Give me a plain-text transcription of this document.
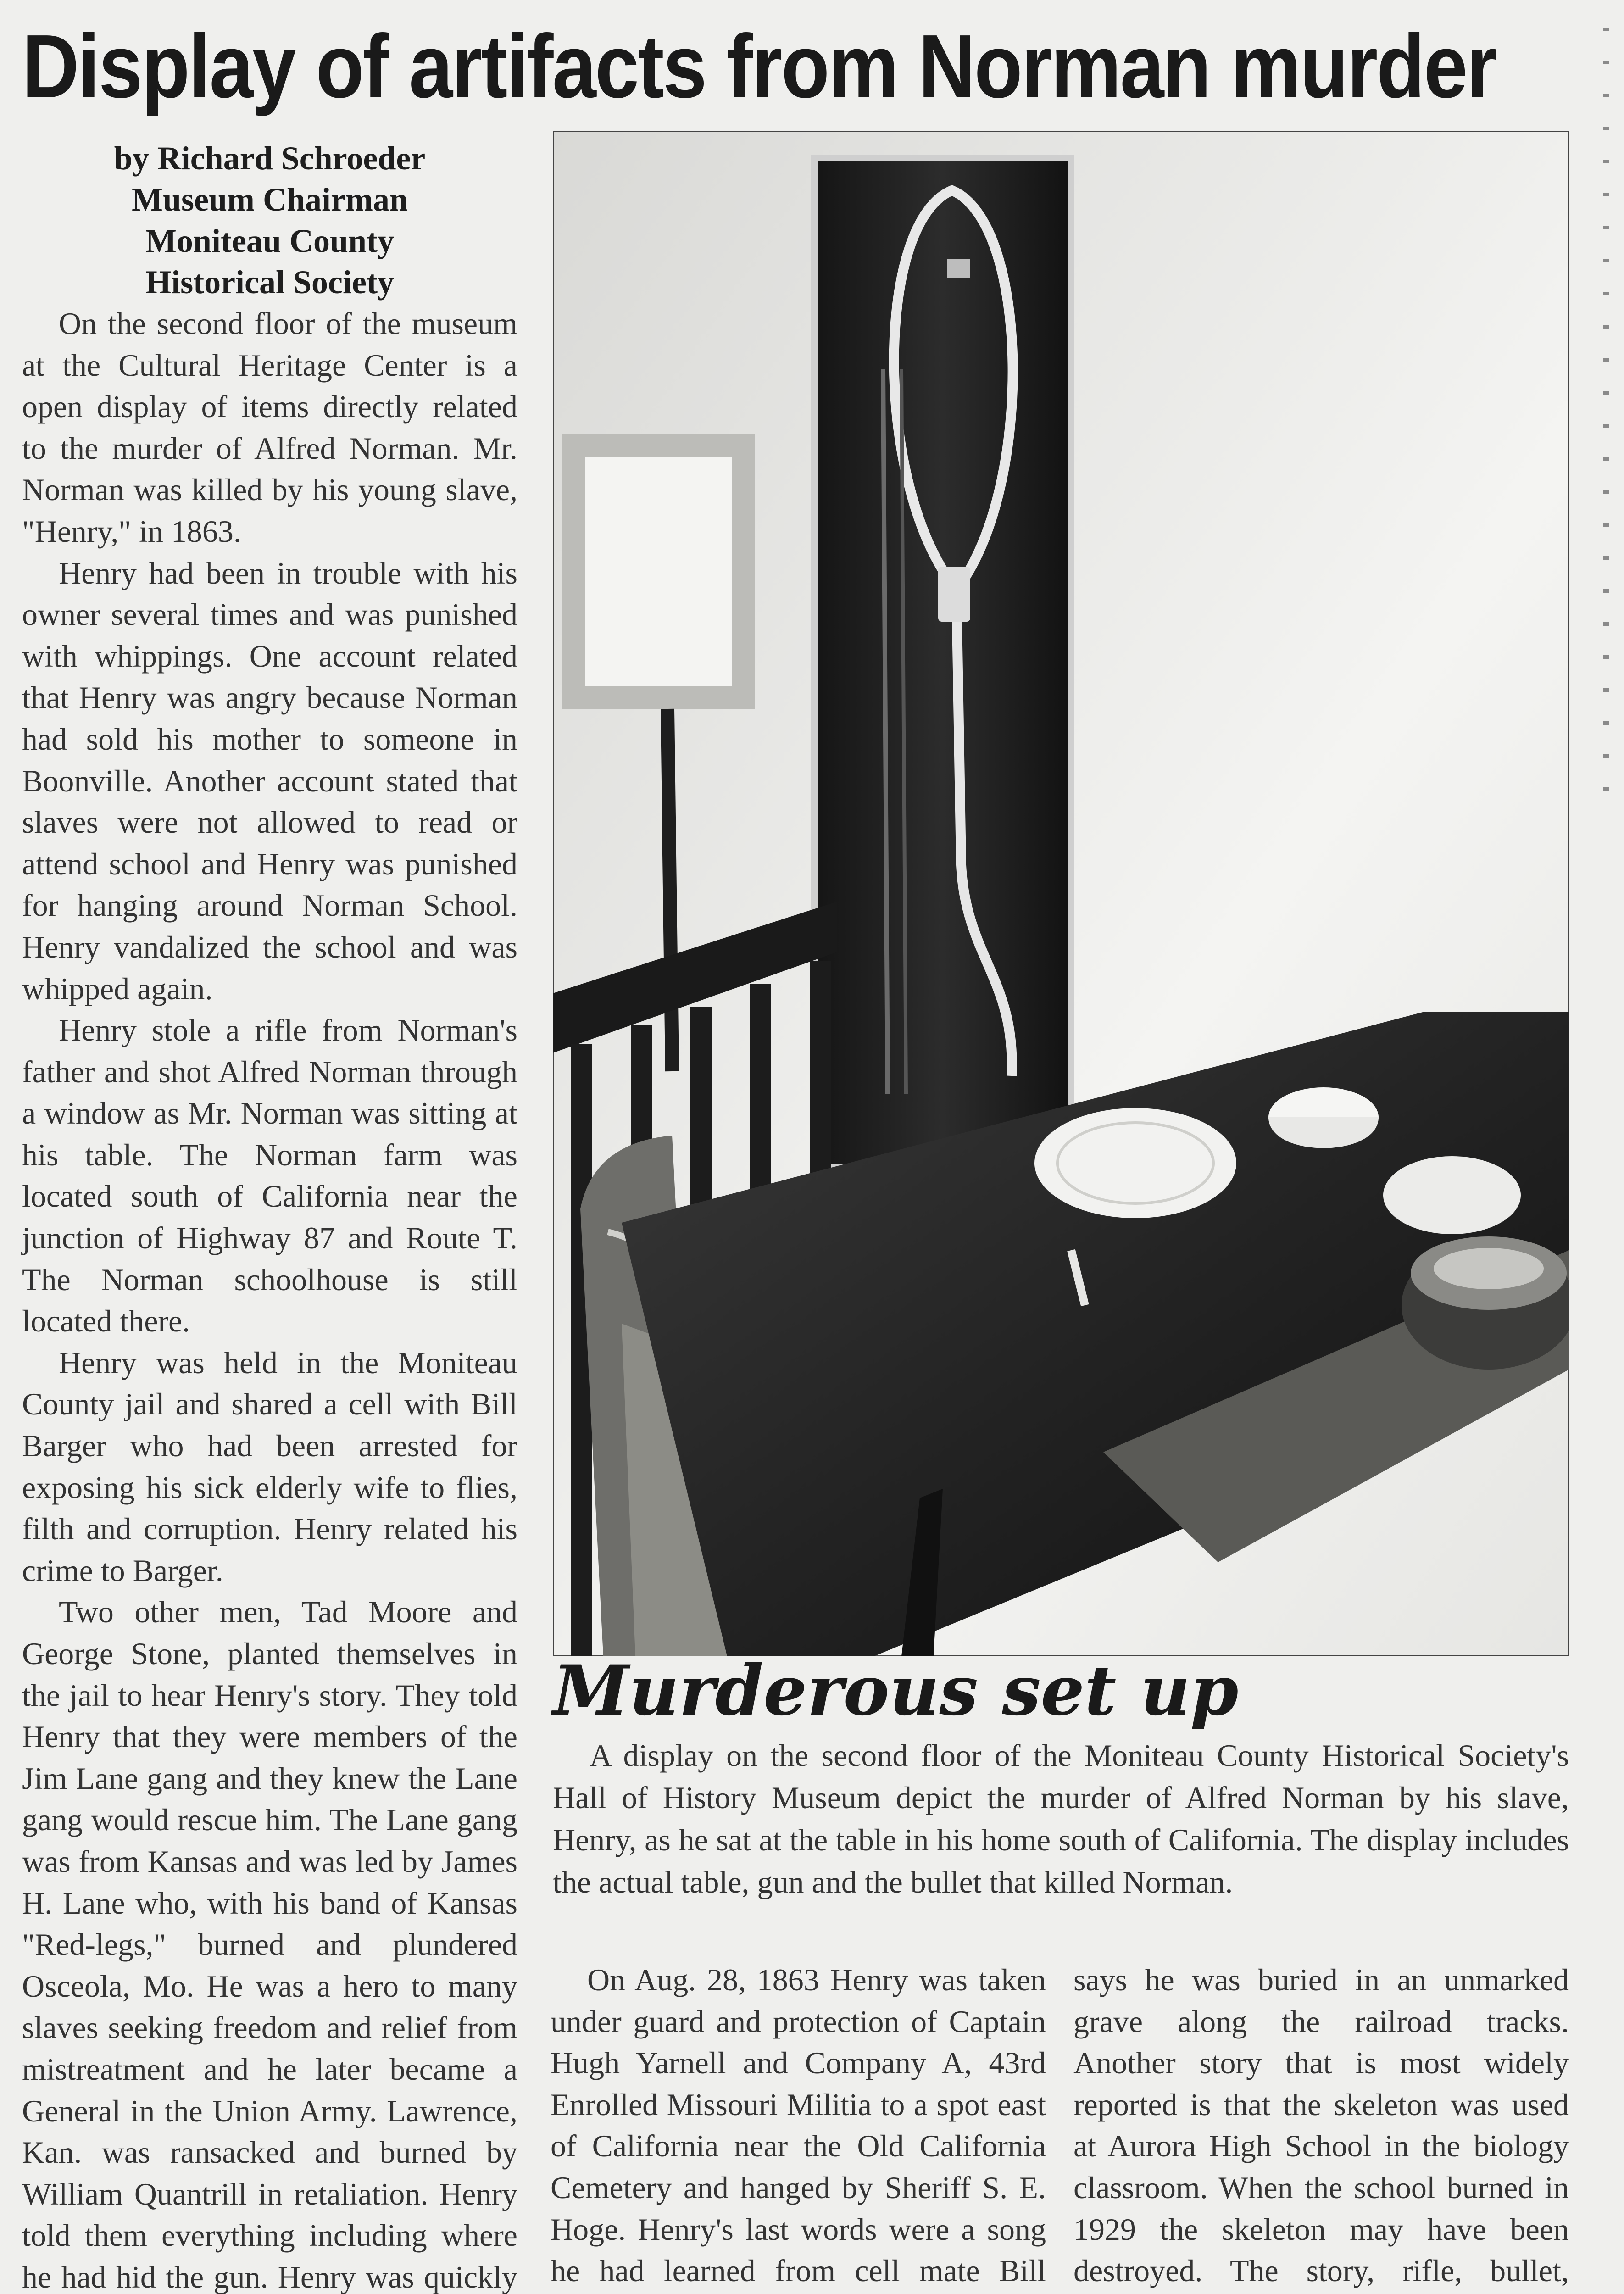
Display of artifacts from Norman murder
by Richard Schroeder
Museum Chairman
Moniteau County
Historical Society

On the second floor of the museum at the Cultural Heritage Center is a open display of items directly related to the murder of Alfred Norman. Mr. Norman was killed by his young slave, "Henry," in 1863.

Henry had been in trouble with his owner several times and was punished with whippings. One account related that Henry was angry because Norman had sold his mother to someone in Boonville. Another account stated that slaves were not allowed to read or attend school and Henry was punished for hanging around Norman School. Henry vandalized the school and was whipped again.

Henry stole a rifle from Norman's father and shot Alfred Norman through a window as Mr. Norman was sitting at his table. The Norman farm was located south of California near the junction of Highway 87 and Route T. The Norman schoolhouse is still located there.

Henry was held in the Moniteau County jail and shared a cell with Bill Barger who had been arrested for exposing his sick elderly wife to flies, filth and corruption. Henry related his crime to Barger.

Two other men, Tad Moore and George Stone, planted themselves in the jail to hear Henry's story. They told Henry that they were members of the Jim Lane gang and they knew the Lane gang would rescue him. The Lane gang was from Kansas and was led by James H. Lane who, with his band of Kansas "Red-legs," burned and plundered Osceola, Mo. He was a hero to many slaves seeking freedom and relief from mistreatment and he later became a General in the Union Army. Lawrence, Kan. was ransacked and burned by William Quantrill in retaliation. Henry told them everything including where he had hid the gun. Henry was quickly

Murderous set up
A display on the second floor of the Moniteau County Historical Society's Hall of History Museum depict the murder of Alfred Norman by his slave, Henry, as he sat at the table in his home south of California. The display includes the actual table, gun and the bullet that killed Norman.

On Aug. 28, 1863 Henry was taken under guard and protection of Captain Hugh Yarnell and Company A, 43rd Enrolled Missouri Militia to a spot east of California near the Old California Cemetery and hanged by Sheriff S. E. Hoge. Henry's last words were a song he had learned from cell mate Bill

says he was buried in an unmarked grave along the railroad tracks. Another story that is most widely reported is that the skeleton was used at Aurora High School in the biology classroom. When the school burned in 1929 the skeleton may have been destroyed. The story, rifle, bullet,
